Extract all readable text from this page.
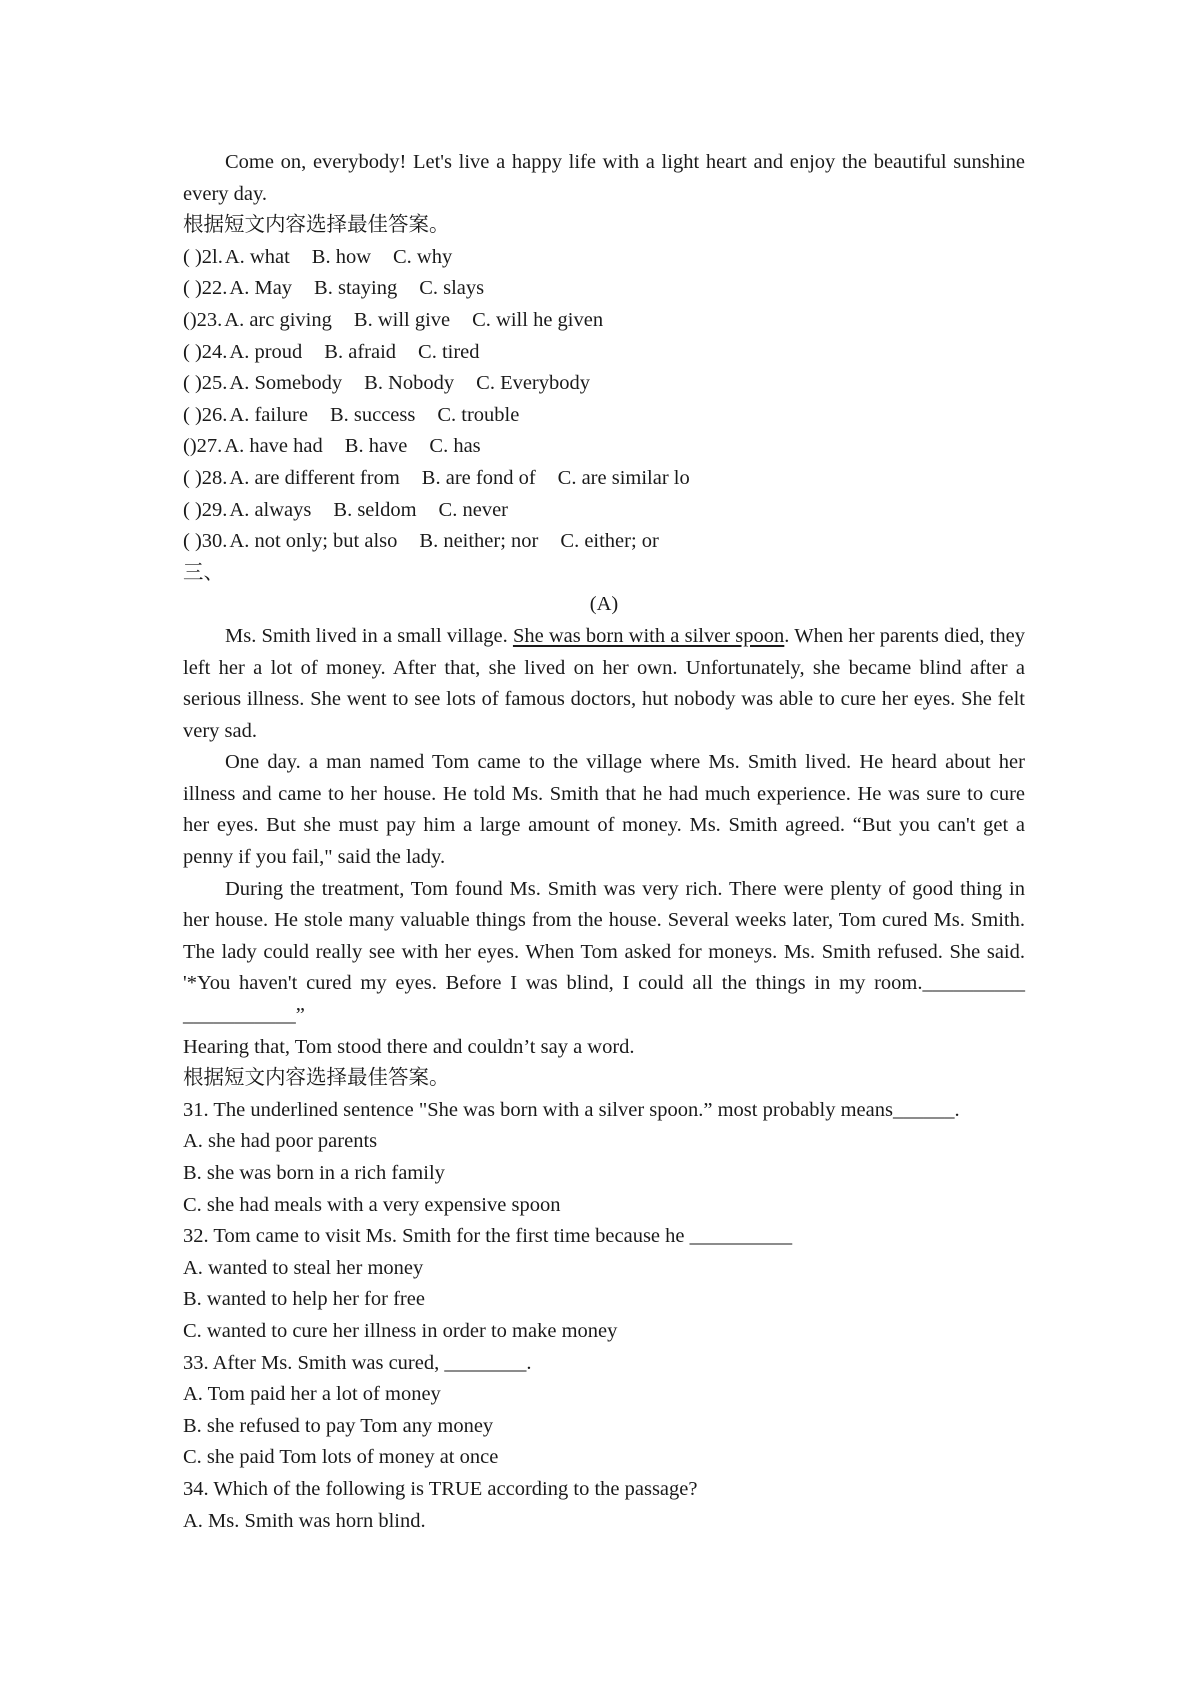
Come on, everybody! Let's live a happy life with a light heart and enjoy the beautiful sunshine every day.
根据短文内容选择最佳答案。
( )2l.A. what B. how C. why
( )22.A. May B. staying C. slays
()23.A. arc giving B. will give C. will he given
( )24.A. proud B. afraid C. tired
( )25.A. Somebody B. Nobody C. Everybody
( )26.A. failure B. success C. trouble
()27.A. have had B. have C. has
( )28.A. are different from B. are fond of C. are similar lo
( )29.A. always B. seldom C. never
( )30.A. not only; but also B. neither; nor C. either; or
三、
(A)
Ms. Smith lived in a small village. She was born with a silver spoon. When her parents died, they left her a lot of money. After that, she lived on her own. Unfortunately, she became blind after a serious illness. She went to see lots of famous doctors, hut nobody was able to cure her eyes. She felt very sad.
One day. a man named Tom came to the village where Ms. Smith lived. He heard about her illness and came to her house. He told Ms. Smith that he had much experience. He was sure to cure her eyes. But she must pay him a large amount of money. Ms. Smith agreed. “But you can't get a penny if you fail," said the lady.
During the treatment, Tom found Ms. Smith was very rich. There were plenty of good thing in her house. He stole many valuable things from the house. Several weeks later, Tom cured Ms. Smith. The lady could really see with her eyes. When Tom asked for moneys. Ms. Smith refused. She said. '*You haven't cured my eyes. Before I was blind, I could all the things in my room.__________ ___________”
Hearing that, Tom stood there and couldn’t say a word.
根据短文内容选择最佳答案。
31. The underlined sentence "She was born with a silver spoon.” most probably means______.
A. she had poor parents
B. she was born in a rich family
C. she had meals with a very expensive spoon
32. Tom came to visit Ms. Smith for the first time because he __________
A. wanted to steal her money
B. wanted to help her for free
C. wanted to cure her illness in order to make money
33. After Ms. Smith was cured, ________.
A. Tom paid her a lot of money
B. she refused to pay Tom any money
C. she paid Tom lots of money at once
34. Which of the following is TRUE according to the passage?
A. Ms. Smith was horn blind.
